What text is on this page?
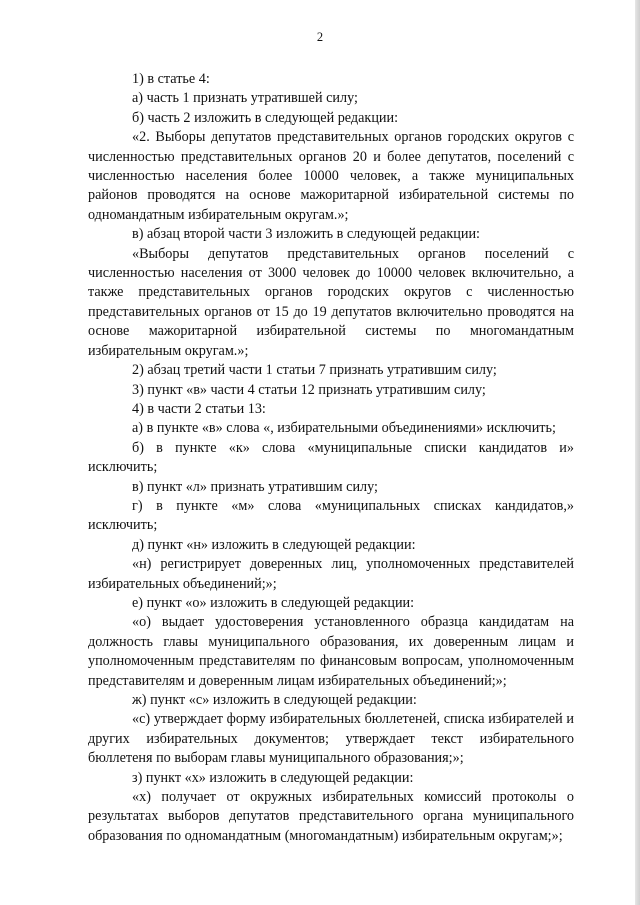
2

1) в статье 4:

а) часть 1 признать утратившей силу;

б) часть 2 изложить в следующей редакции:

«2. Выборы депутатов представительных органов городских округов с численностью представительных органов 20 и более депутатов, поселений с численностью населения более 10000 человек, а также муниципальных районов проводятся на основе мажоритарной избирательной системы по одномандатным избирательным округам.»;

в) абзац второй части 3 изложить в следующей редакции:

«Выборы депутатов представительных органов поселений с численностью населения от 3000 человек до 10000 человек включительно, а также представительных органов городских округов с численностью представительных органов от 15 до 19 депутатов включительно проводятся на основе мажоритарной избирательной системы по многомандатным избирательным округам.»;

2) абзац третий части 1 статьи 7 признать утратившим силу;

3) пункт «в» части 4 статьи 12 признать утратившим силу;

4) в части 2 статьи 13:

а) в пункте «в» слова «, избирательными объединениями» исключить;

б) в пункте «к» слова «муниципальные списки кандидатов и» исключить;

в) пункт «л» признать утратившим силу;

г) в пункте «м» слова «муниципальных списках кандидатов,» исключить;

д) пункт «н» изложить в следующей редакции:

«н) регистрирует доверенных лиц, уполномоченных представителей избирательных объединений;»;

е) пункт «о» изложить в следующей редакции:

«о) выдает удостоверения установленного образца кандидатам на должность главы муниципального образования, их доверенным лицам и уполномоченным представителям по финансовым вопросам, уполномоченным представителям и доверенным лицам избирательных объединений;»;

ж) пункт «с» изложить в следующей редакции:

«с) утверждает форму избирательных бюллетеней, списка избирателей и других избирательных документов; утверждает текст избирательного бюллетеня по выборам главы муниципального образования;»;

з) пункт «х» изложить в следующей редакции:

«х) получает от окружных избирательных комиссий протоколы о результатах выборов депутатов представительного органа муниципального образования по одномандатным (многомандатным) избирательным округам;»;
